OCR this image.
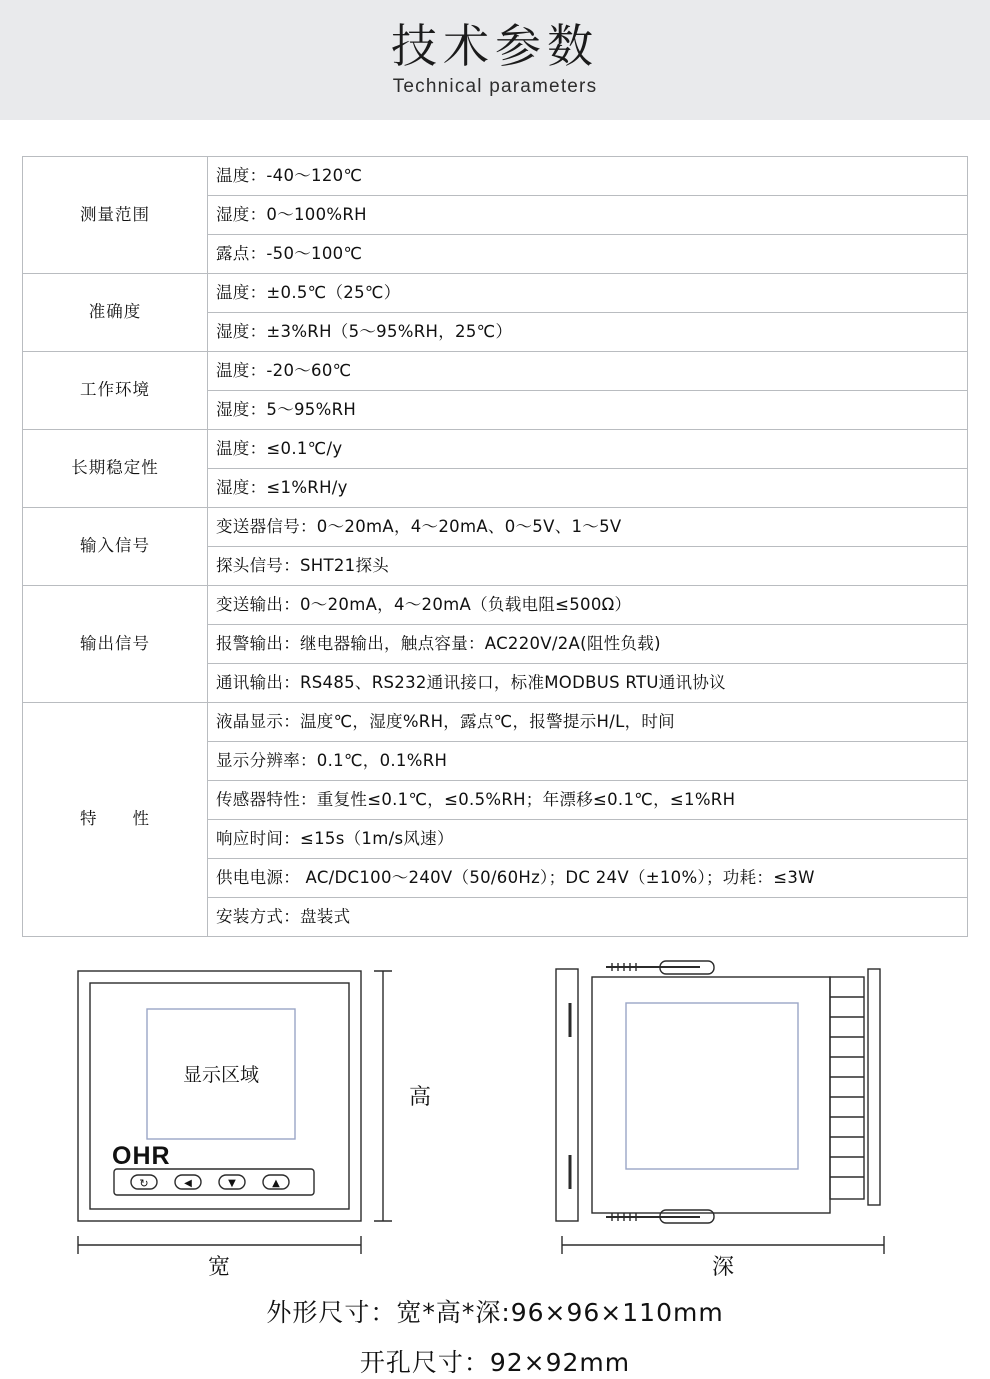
技术参数
Technical parameters
测量范围	温度：-40～120℃
	湿度：0～100%RH
	露点：-50～100℃
准确度	温度：±0.5℃（25℃）
	湿度：±3%RH（5～95%RH，25℃）
工作环境	温度：-20～60℃
	湿度：5～95%RH
长期稳定性	温度：≤0.1℃/y
	湿度：≤1%RH/y
输入信号	变送器信号：0～20mA，4～20mA、0～5V、1～5V
	探头信号：SHT21探头
输出信号	变送输出：0～20mA，4～20mA（负载电阻≤500Ω）
	报警输出：继电器输出，触点容量：AC220V/2A(阻性负载)
	通讯输出：RS485、RS232通讯接口，标准MODBUS RTU通讯协议
特　　性	液晶显示：温度℃，湿度%RH，露点℃，报警提示H/L，时间
	显示分辨率：0.1℃，0.1%RH
	传感器特性：重复性≤0.1℃，≤0.5%RH；年漂移≤0.1℃，≤1%RH
	响应时间：≤15s（1m/s风速）
	供电电源： AC/DC100～240V（50/60Hz）；DC 24V（±10%）；功耗：≤3W
	安装方式：盘装式
显示区域
OHR
↻	◀	▼	▲
高
宽	深
外形尺寸：宽*高*深:96×96×110mm
开孔尺寸：92×92mm
